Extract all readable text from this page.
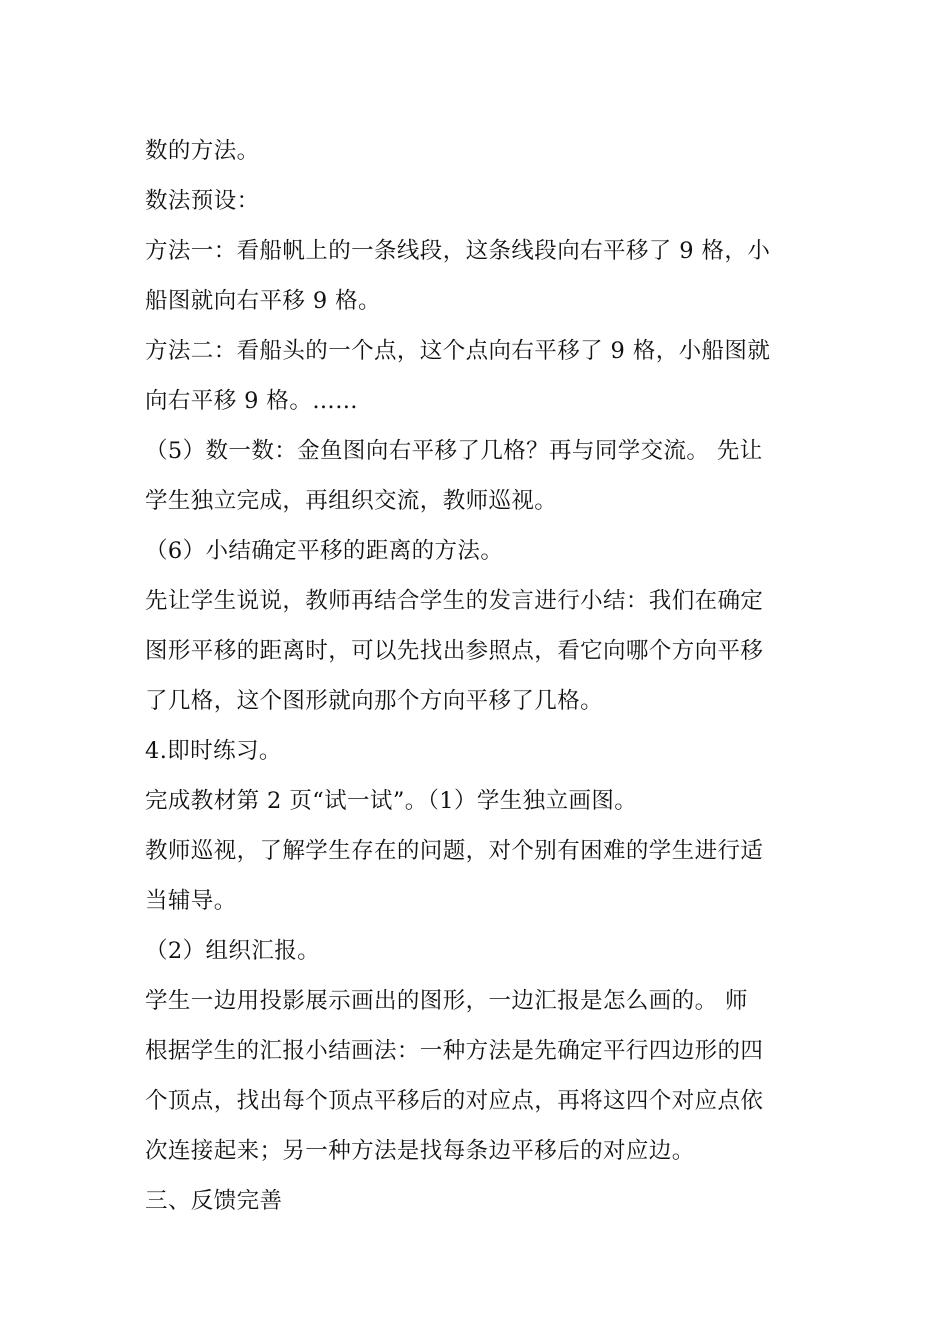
数的方法。
数法预设：
方法一：看船帆上的一条线段，这条线段向右平移了 9 格，小
船图就向右平移 9 格。
方法二：看船头的一个点，这个点向右平移了 9 格，小船图就
向右平移 9 格。……
（5）数一数：金鱼图向右平移了几格？再与同学交流。 先让
学生独立完成，再组织交流，教师巡视。
（6）小结确定平移的距离的方法。
先让学生说说，教师再结合学生的发言进行小结：我们在确定
图形平移的距离时，可以先找出参照点，看它向哪个方向平移
了几格，这个图形就向那个方向平移了几格。
4.即时练习。
完成教材第 2 页“试一试”。（1）学生独立画图。
教师巡视，了解学生存在的问题，对个别有困难的学生进行适
当辅导。
（2）组织汇报。
学生一边用投影展示画出的图形，一边汇报是怎么画的。 师
根据学生的汇报小结画法：一种方法是先确定平行四边形的四
个顶点，找出每个顶点平移后的对应点，再将这四个对应点依
次连接起来；另一种方法是找每条边平移后的对应边。
三、反馈完善
